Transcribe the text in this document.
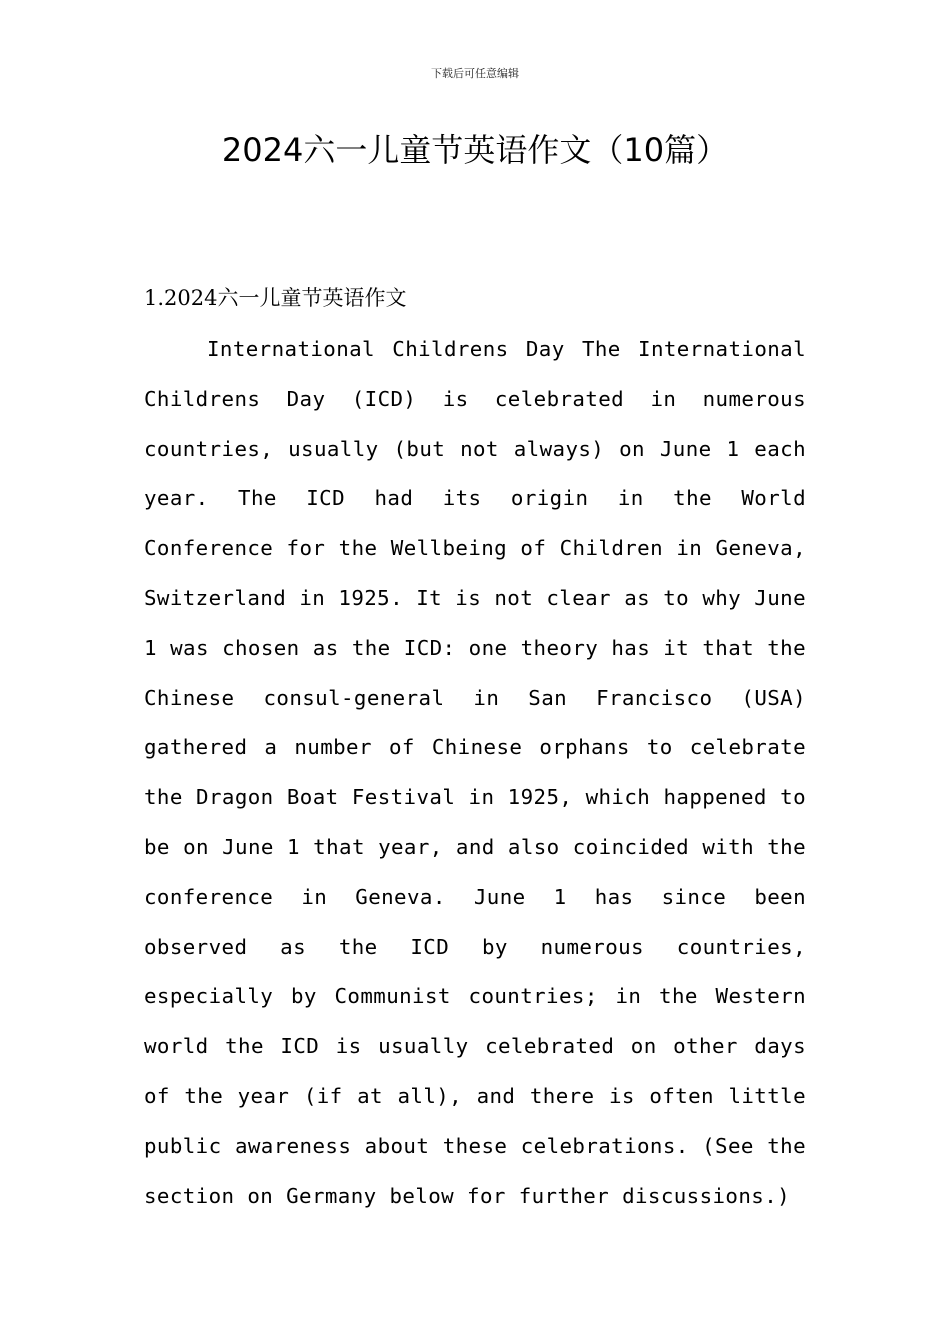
下载后可任意编辑
2024六一儿童节英语作文（10篇）
1.2024六一儿童节英语作文

International Childrens Day The International Childrens Day (ICD) is celebrated in numerous countries, usually (but not always) on June 1 each year. The ICD had its origin in the World Conference for the Wellbeing of Children in Geneva, Switzerland in 1925. It is not clear as to why June 1 was chosen as the ICD: one theory has it that the Chinese consul-general in San Francisco (USA) gathered a number of Chinese orphans to celebrate the Dragon Boat Festival in 1925, which happened to be on June 1 that year, and also coincided with the conference in Geneva. June 1 has since been observed as the ICD by numerous countries, especially by Communist countries; in the Western world the ICD is usually celebrated on other days of the year (if at all), and there is often little public awareness about these celebrations. (See the section on Germany below for further discussions.)
